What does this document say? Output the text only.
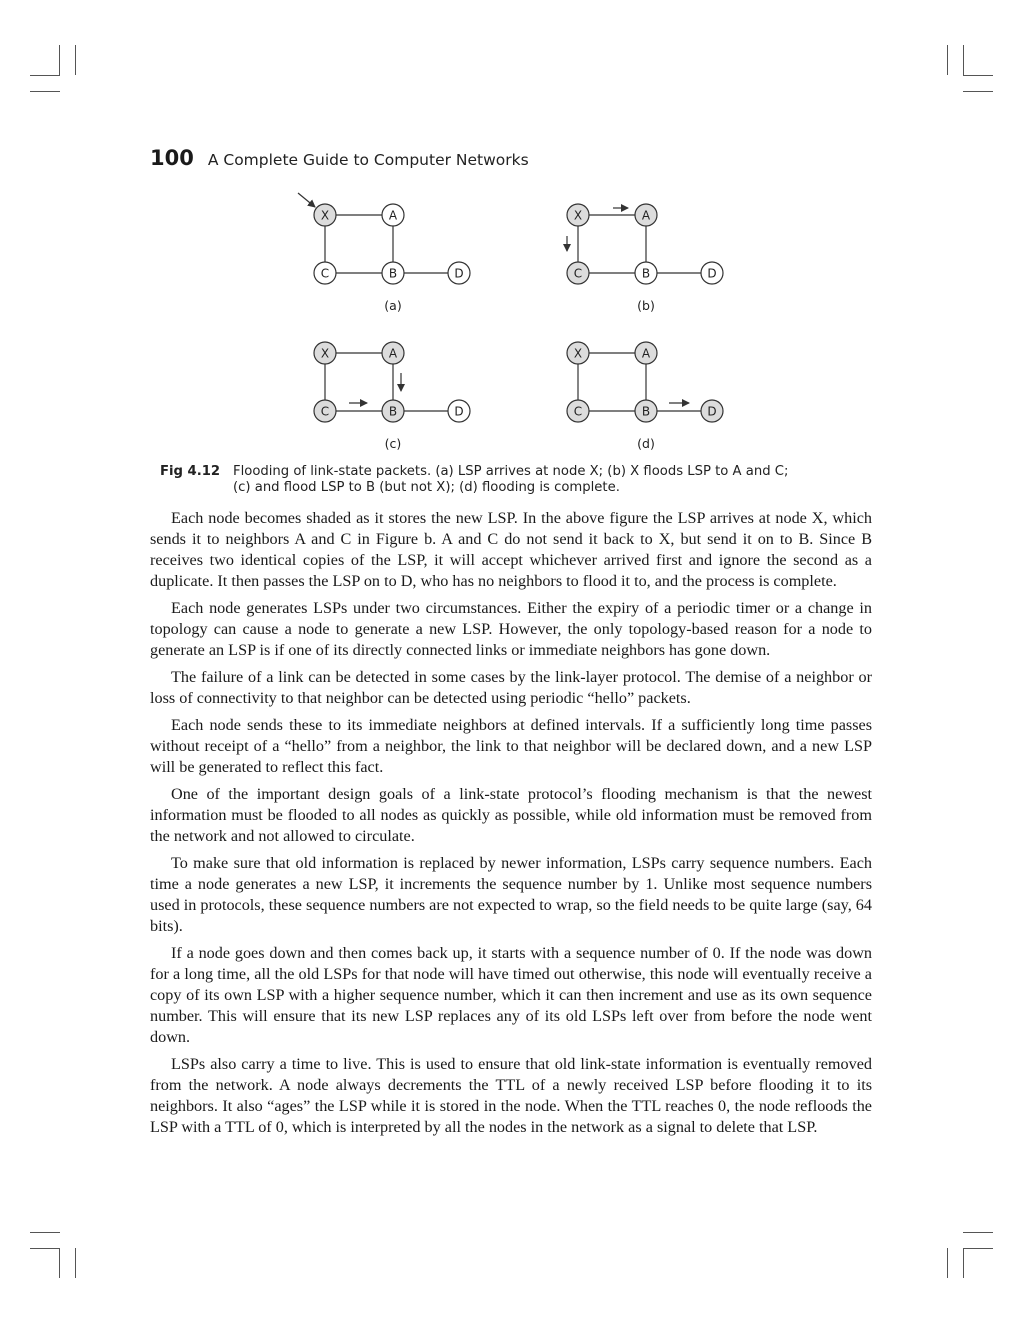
100 A Complete Guide to Computer Networks
X	A
C	B	D
(a)
X	A
C	B	D
(b)
X	A
C	B	D
(c)
X	A
C	B	D
(d)
Fig 4.12 Flooding of link-state packets. (a) LSP arrives at node X; (b) X floods LSP to A and C;
(c) and flood LSP to B (but not X); (d) flooding is complete.

Each node becomes shaded as it stores the new LSP. In the above figure the LSP arrives at node X, which sends it to neighbors A and C in Figure b. A and C do not send it back to X, but send it on to B. Since B receives two identical copies of the LSP, it will accept whichever arrived first and ignore the second as a duplicate. It then passes the LSP on to D, who has no neighbors to flood it to, and the process is complete.

Each node generates LSPs under two circumstances. Either the expiry of a periodic timer or a change in topology can cause a node to generate a new LSP. However, the only topology-based reason for a node to generate an LSP is if one of its directly connected links or immediate neighbors has gone down.

The failure of a link can be detected in some cases by the link-layer protocol. The demise of a neighbor or loss of connectivity to that neighbor can be detected using periodic “hello” packets.

Each node sends these to its immediate neighbors at defined intervals. If a sufficiently long time passes without receipt of a “hello” from a neighbor, the link to that neighbor will be declared down, and a new LSP will be generated to reflect this fact.

One of the important design goals of a link-state protocol’s flooding mechanism is that the newest information must be flooded to all nodes as quickly as possible, while old information must be removed from the network and not allowed to circulate.

To make sure that old information is replaced by newer information, LSPs carry sequence numbers. Each time a node generates a new LSP, it increments the sequence number by 1. Unlike most sequence numbers used in protocols, these sequence numbers are not expected to wrap, so the field needs to be quite large (say, 64 bits).

If a node goes down and then comes back up, it starts with a sequence number of 0. If the node was down for a long time, all the old LSPs for that node will have timed out otherwise, this node will eventually receive a copy of its own LSP with a higher sequence number, which it can then increment and use as its own sequence number. This will ensure that its new LSP replaces any of its old LSPs left over from before the node went down.

LSPs also carry a time to live. This is used to ensure that old link-state information is eventually removed from the network. A node always decrements the TTL of a newly received LSP before flooding it to its neighbors. It also “ages” the LSP while it is stored in the node. When the TTL reaches 0, the node refloods the LSP with a TTL of 0, which is interpreted by all the nodes in the network as a signal to delete that LSP.
